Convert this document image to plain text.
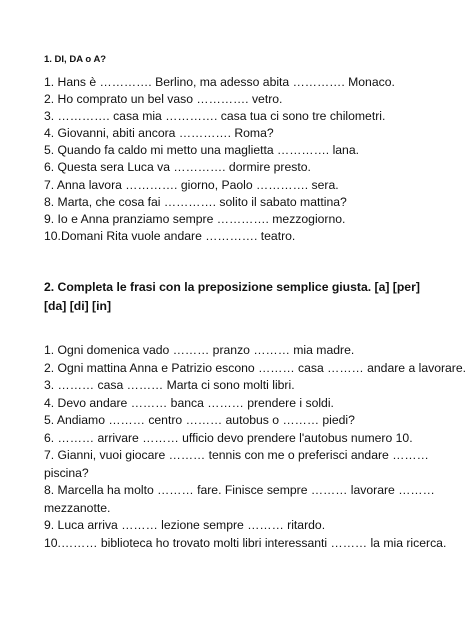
1. DI, DA o A?
1. Hans è …………. Berlino, ma adesso abita …………. Monaco.
2. Ho comprato un bel vaso …………. vetro.
3. …………. casa mia …………. casa tua ci sono tre chilometri.
4. Giovanni, abiti ancora …………. Roma?
5. Quando fa caldo mi metto una maglietta …………. lana.
6. Questa sera Luca va …………. dormire presto.
7. Anna lavora …………. giorno, Paolo …………. sera.
8. Marta, che cosa fai …………. solito il sabato mattina?
9. Io e Anna pranziamo sempre …………. mezzogiorno.
10.Domani Rita vuole andare …………. teatro.
2. Completa le frasi con la preposizione semplice giusta. [a] [per] [da] [di] [in]
1. Ogni domenica vado ……… pranzo ……… mia madre.
2. Ogni mattina Anna e Patrizio escono ……… casa ……… andare a lavorare.
3. ……… casa ……… Marta ci sono molti libri.
4. Devo andare ……… banca ……… prendere i soldi.
5. Andiamo ……… centro ……… autobus o ……… piedi?
6. ……… arrivare ……… ufficio devo prendere l'autobus numero 10.
7. Gianni, vuoi giocare ……… tennis con me o preferisci andare ………
piscina?
8. Marcella ha molto ……… fare. Finisce sempre ……… lavorare ………
mezzanotte.
9. Luca arriva ……… lezione sempre ……… ritardo.
10.……… biblioteca ho trovato molti libri interessanti ……… la mia ricerca.
